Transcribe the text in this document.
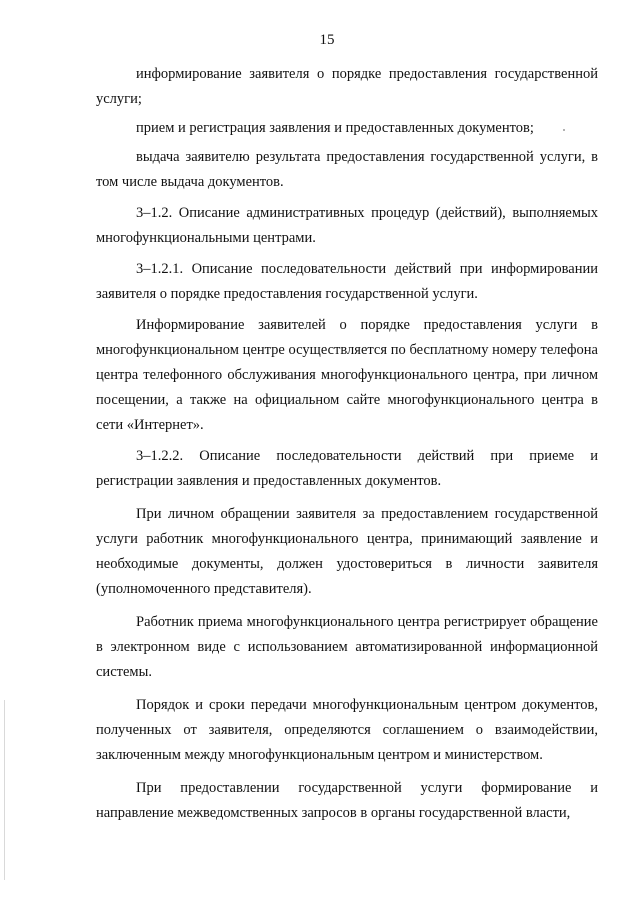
15

информирование заявителя о порядке предоставления государственной услуги;

прием и регистрация заявления и предоставленных документов;

выдача заявителю результата предоставления государственной услуги, в том числе выдача документов.

3–1.2. Описание административных процедур (действий), выполняемых многофункциональными центрами.

3–1.2.1. Описание последовательности действий при информировании заявителя о порядке предоставления государственной услуги.

Информирование заявителей о порядке предоставления услуги в многофункциональном центре осуществляется по бесплатному номеру телефона центра телефонного обслуживания многофункционального центра, при личном посещении, а также на официальном сайте многофункционального центра в сети «Интернет».

3–1.2.2. Описание последовательности действий при приеме и регистрации заявления и предоставленных документов.

При личном обращении заявителя за предоставлением государственной услуги работник многофункционального центра, принимающий заявление и необходимые документы, должен удостовериться в личности заявителя (уполномоченного представителя).

Работник приема многофункционального центра регистрирует обращение в электронном виде с использованием автоматизированной информационной системы.

Порядок и сроки передачи многофункциональным центром документов, полученных от заявителя, определяются соглашением о взаимодействии, заключенным между многофункциональным центром и министерством.

При предоставлении государственной услуги формирование и направление межведомственных запросов в органы государственной власти,
